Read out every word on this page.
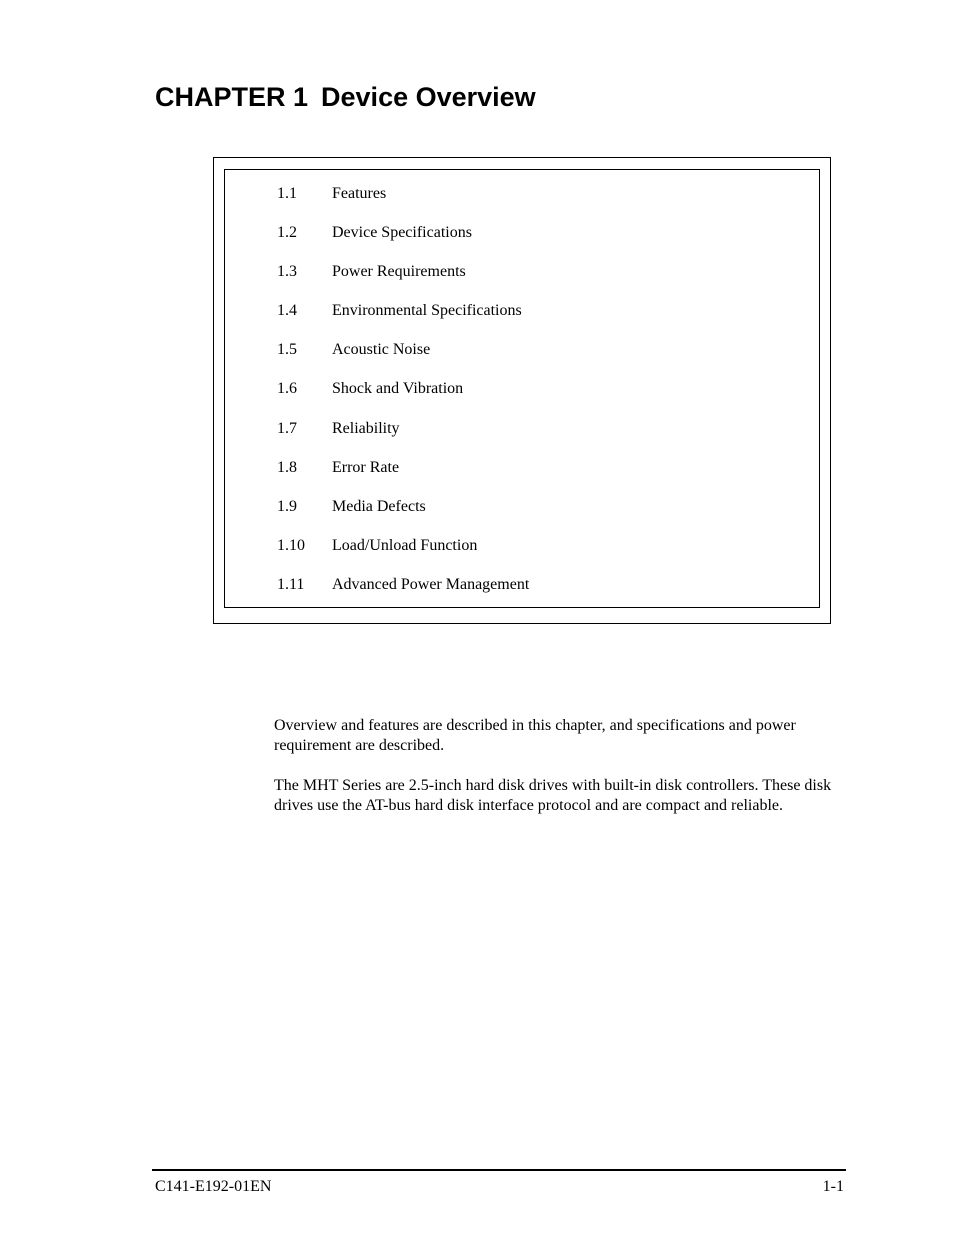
CHAPTER 1 Device Overview
1.1 Features
1.2 Device Specifications
1.3 Power Requirements
1.4 Environmental Specifications
1.5 Acoustic Noise
1.6 Shock and Vibration
1.7 Reliability
1.8 Error Rate
1.9 Media Defects
1.10 Load/Unload Function
1.11 Advanced Power Management

Overview and features are described in this chapter, and specifications and power requirement are described.

The MHT Series are 2.5-inch hard disk drives with built-in disk controllers. These disk drives use the AT-bus hard disk interface protocol and are compact and reliable.

C141-E192-01EN	1-1
